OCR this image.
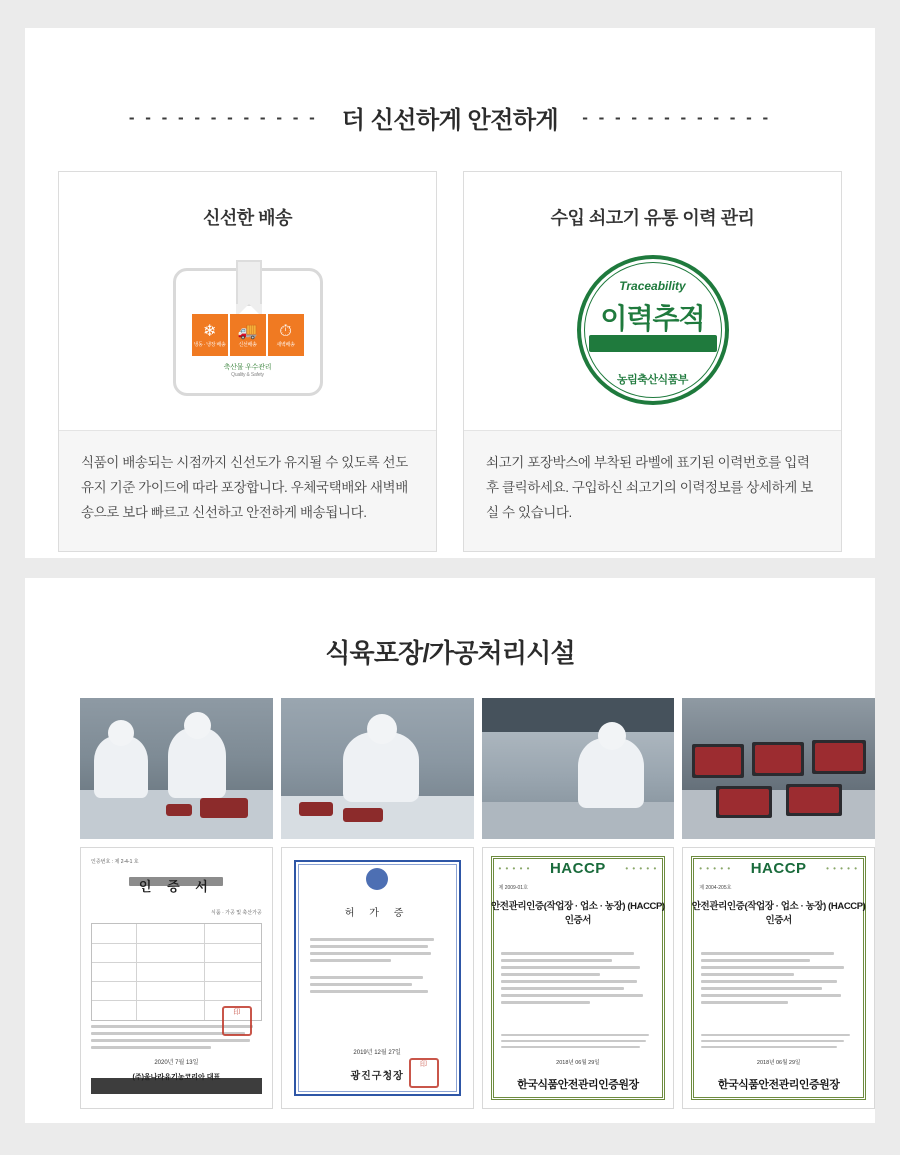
- - - - - - - - - - - - 더 신선하게 안전하게 - - - - - - - - - - - -
신선한 배송
❄
냉동 · 냉장 배송
🚚
신선배송
⏱
새벽배송
축산물 우수관리
Quality & Safety
식품이 배송되는 시점까지 신선도가 유지될 수 있도록 선도유지 기준 가이드에 따라 포장합니다. 우체국택배와 새벽배송으로 보다 빠르고 신선하고 안전하게 배송됩니다.
수입 쇠고기 유통 이력 관리
Traceability
이력추적
농림축산식품부
쇠고기 포장박스에 부착된 라벨에 표기된 이력번호를 입력 후 클릭하세요. 구입하신 쇠고기의 이력정보를 상세하게 보실 수 있습니다.
식육포장/가공처리시설
인증번호 : 제 2-4-1 호
인 증 서
식품 · 가공 및 축산가공
2020년 7월 13일
印
허 가 증
2019년 12월 27일
광진구청장
印
• • • • •	• • • • •
HACCP
제 2009-01호
안전관리인증(작업장 · 업소 · 농장) (HACCP) 인증서
2018년 06월 29일
한국식품안전관리인증원장
• • • • •	• • • • •
HACCP
제 2004-205호
안전관리인증(작업장 · 업소 · 농장) (HACCP) 인증서
2018년 06월 29일
한국식품안전관리인증원장
